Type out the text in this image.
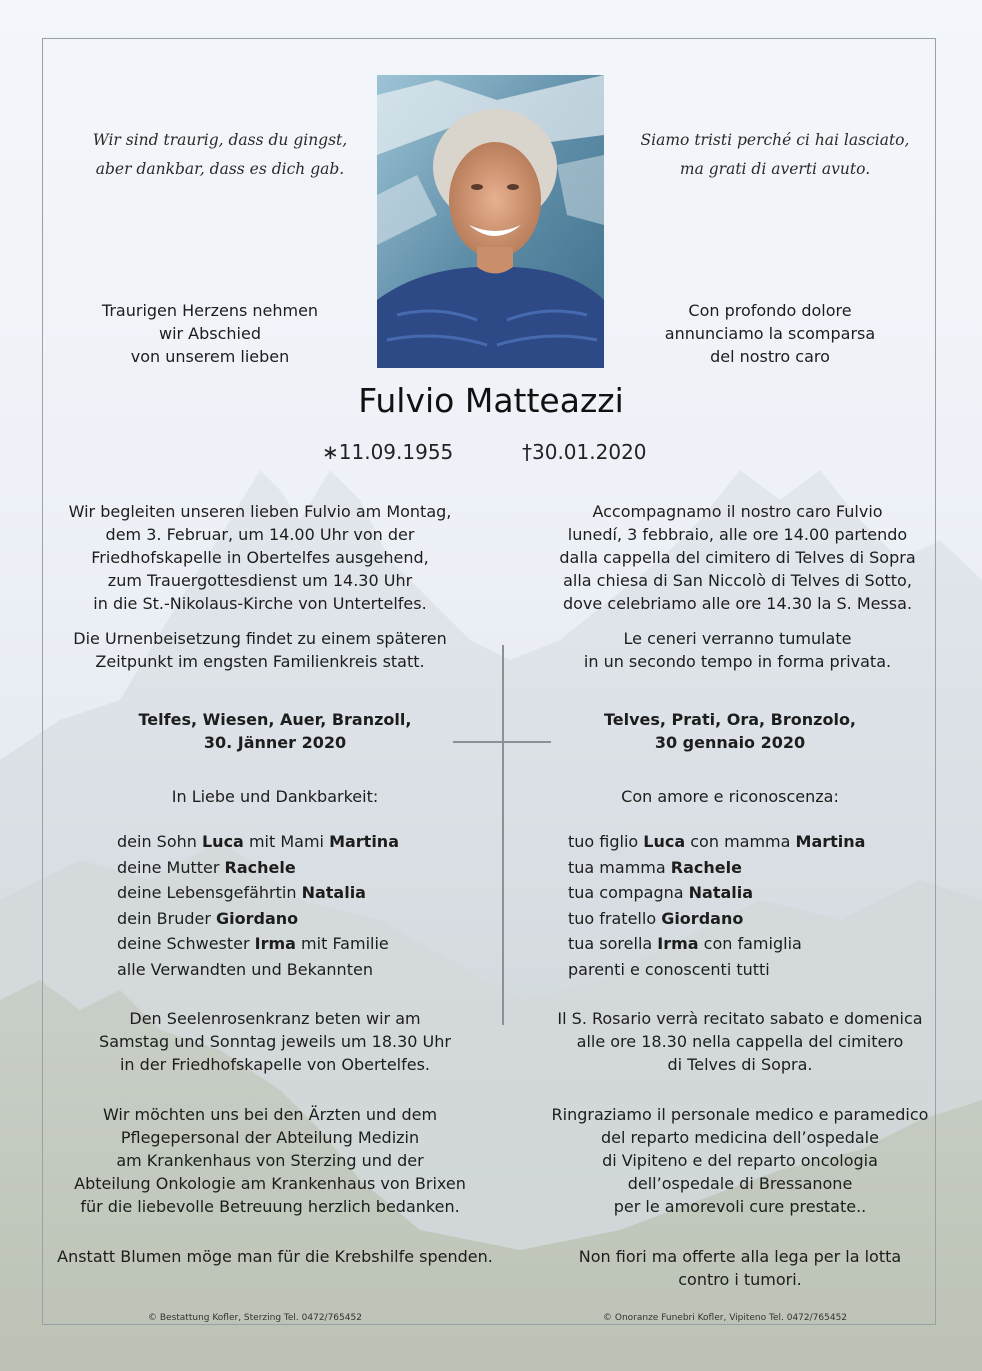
Wir sind traurig, dass du gingst,
aber dankbar, dass es dich gab.
Siamo tristi perché ci hai lasciato,
ma grati di averti avuto.
Traurigen Herzens nehmen
wir Abschied
von unserem lieben
Con profondo dolore
annunciamo la scomparsa
del nostro caro
Fulvio Matteazzi
∗11.09.1955	†30.01.2020
Wir begleiten unseren lieben Fulvio am Montag,
dem 3. Februar, um 14.00 Uhr von der
Friedhofskapelle in Obertelfes ausgehend,
zum Trauergottesdienst um 14.30 Uhr
in die St.-Nikolaus-Kirche von Untertelfes.
Accompagnamo il nostro caro Fulvio
lunedí, 3 febbraio, alle ore 14.00 partendo
dalla cappella del cimitero di Telves di Sopra
alla chiesa di San Niccolò di Telves di Sotto,
dove celebriamo alle ore 14.30 la S. Messa.
Die Urnenbeisetzung findet zu einem späteren
Zeitpunkt im engsten Familienkreis statt.
Le ceneri verranno tumulate
in un secondo tempo in forma privata.
Telfes, Wiesen, Auer, Branzoll,
30. Jänner 2020
Telves, Prati, Ora, Bronzolo,
30 gennaio 2020
In Liebe und Dankbarkeit:	Con amore e riconoscenza:
dein Sohn Luca mit Mami Martina
deine Mutter Rachele
deine Lebensgefährtin Natalia
dein Bruder Giordano
deine Schwester Irma mit Familie
alle Verwandten und Bekannten
tuo figlio Luca con mamma Martina
tua mamma Rachele
tua compagna Natalia
tuo fratello Giordano
tua sorella Irma con famiglia
parenti e conoscenti tutti
Den Seelenrosenkranz beten wir am
Samstag und Sonntag jeweils um 18.30 Uhr
in der Friedhofskapelle von Obertelfes.
Il S. Rosario verrà recitato sabato e domenica
alle ore 18.30 nella cappella del cimitero
di Telves di Sopra.
Wir möchten uns bei den Ärzten und dem
Pflegepersonal der Abteilung Medizin
am Krankenhaus von Sterzing und der
Abteilung Onkologie am Krankenhaus von Brixen
für die liebevolle Betreuung herzlich bedanken.
Ringraziamo il personale medico e paramedico
del reparto medicina dell’ospedale
di Vipiteno e del reparto oncologia
dell’ospedale di Bressanone
per le amorevoli cure prestate..
Anstatt Blumen möge man für die Krebshilfe spenden.	Non fiori ma offerte alla lega per la lotta
contro i tumori.
© Bestattung Kofler, Sterzing Tel. 0472/765452	© Onoranze Funebri Kofler, Vipiteno Tel. 0472/765452
